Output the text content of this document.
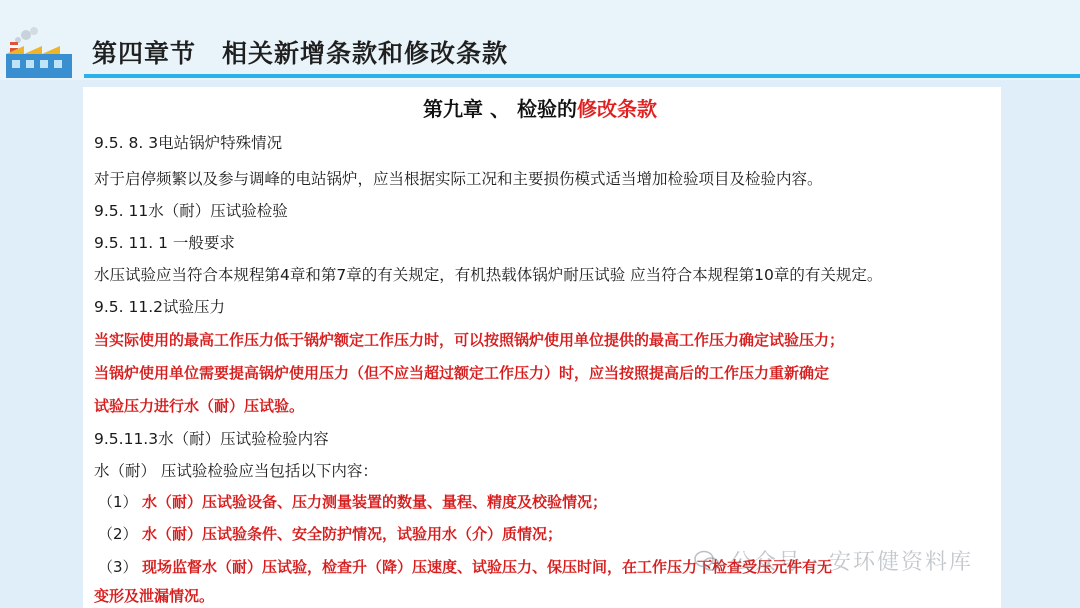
第四章节　相关新增条款和修改条款
第九章 、 检验的修改条款
9.5. 8. 3电站锅炉特殊情况
对于启停频繁以及参与调峰的电站锅炉，应当根据实际工况和主要损伤模式适当增加检验项目及检验内容。
9.5. 11水（耐）压试验检验
9.5. 11. 1 一般要求
水压试验应当符合本规程第4章和第7章的有关规定，有机热载体锅炉耐压试验 应当符合本规程第10章的有关规定。
9.5. 11.2试验压力
当实际使用的最高工作压力低于锅炉额定工作压力时，可以按照锅炉使用单位提供的最高工作压力确定试验压力；
当锅炉使用单位需要提高锅炉使用压力（但不应当超过额定工作压力）时，应当按照提高后的工作压力重新确定
试验压力进行水（耐）压试验。
9.5.11.3水（耐）压试验检验内容
水（耐） 压试验检验应当包括以下内容：
（1） 水（耐）压试验设备、压力测量装置的数量、量程、精度及校验情况；
（2） 水（耐）压试验条件、安全防护情况，试验用水（介）质情况；
（3） 现场监督水（耐）压试验，检查升（降）压速度、试验压力、保压时间，在工作压力下检查受压元件有无
变形及泄漏情况。
公众号 · 安环健资料库
